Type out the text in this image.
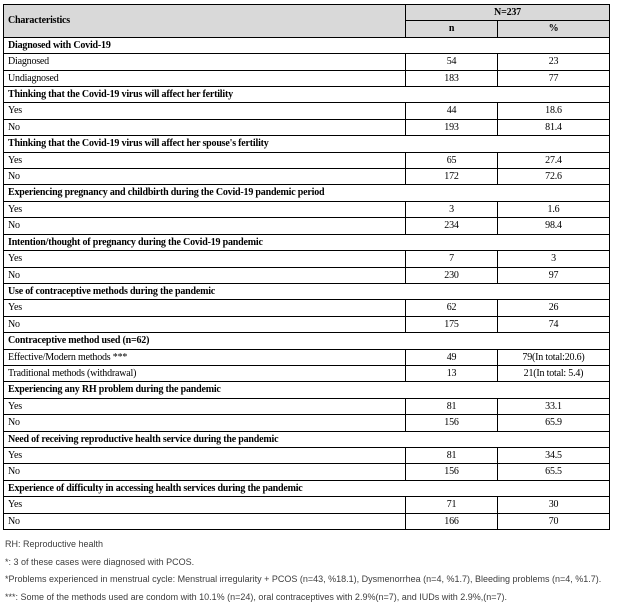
Characteristics	N=237	
	n	%
Diagnosed with Covid-19		
Diagnosed	54	23
Undiagnosed	183	77
Thinking that the Covid-19 virus will affect her fertility		
Yes	44	18.6
No	193	81.4
Thinking that the Covid-19 virus will affect her spouse's fertility		
Yes	65	27.4
No	172	72.6
Experiencing pregnancy and childbirth during the Covid-19 pandemic period		
Yes	3	1.6
No	234	98.4
Intention/thought of pregnancy during the Covid-19 pandemic		
Yes	7	3
No	230	97
Use of contraceptive methods during the pandemic		
Yes	62	26
No	175	74
Contraceptive method used (n=62)		
Effective/Modern methods ***	49	79(In total:20.6)
Traditional methods (withdrawal)	13	21(In total: 5.4)
Experiencing any RH problem during the pandemic		
Yes	81	33.1
No	156	65.9
Need of receiving reproductive health service during the pandemic		
Yes	81	34.5
No	156	65.5
Experience of difficulty in accessing health services during the pandemic		
Yes	71	30
No	166	70

RH: Reproductive health

*: 3 of these cases were diagnosed with PCOS.

*Problems experienced in menstrual cycle: Menstrual irregularity + PCOS (n=43, %18.1), Dysmenorrhea (n=4, %1.7), Bleeding problems (n=4, %1.7).

***: Some of the methods used are condom with 10.1% (n=24), oral contraceptives with 2.9%(n=7), and IUDs with 2.9%,(n=7).
